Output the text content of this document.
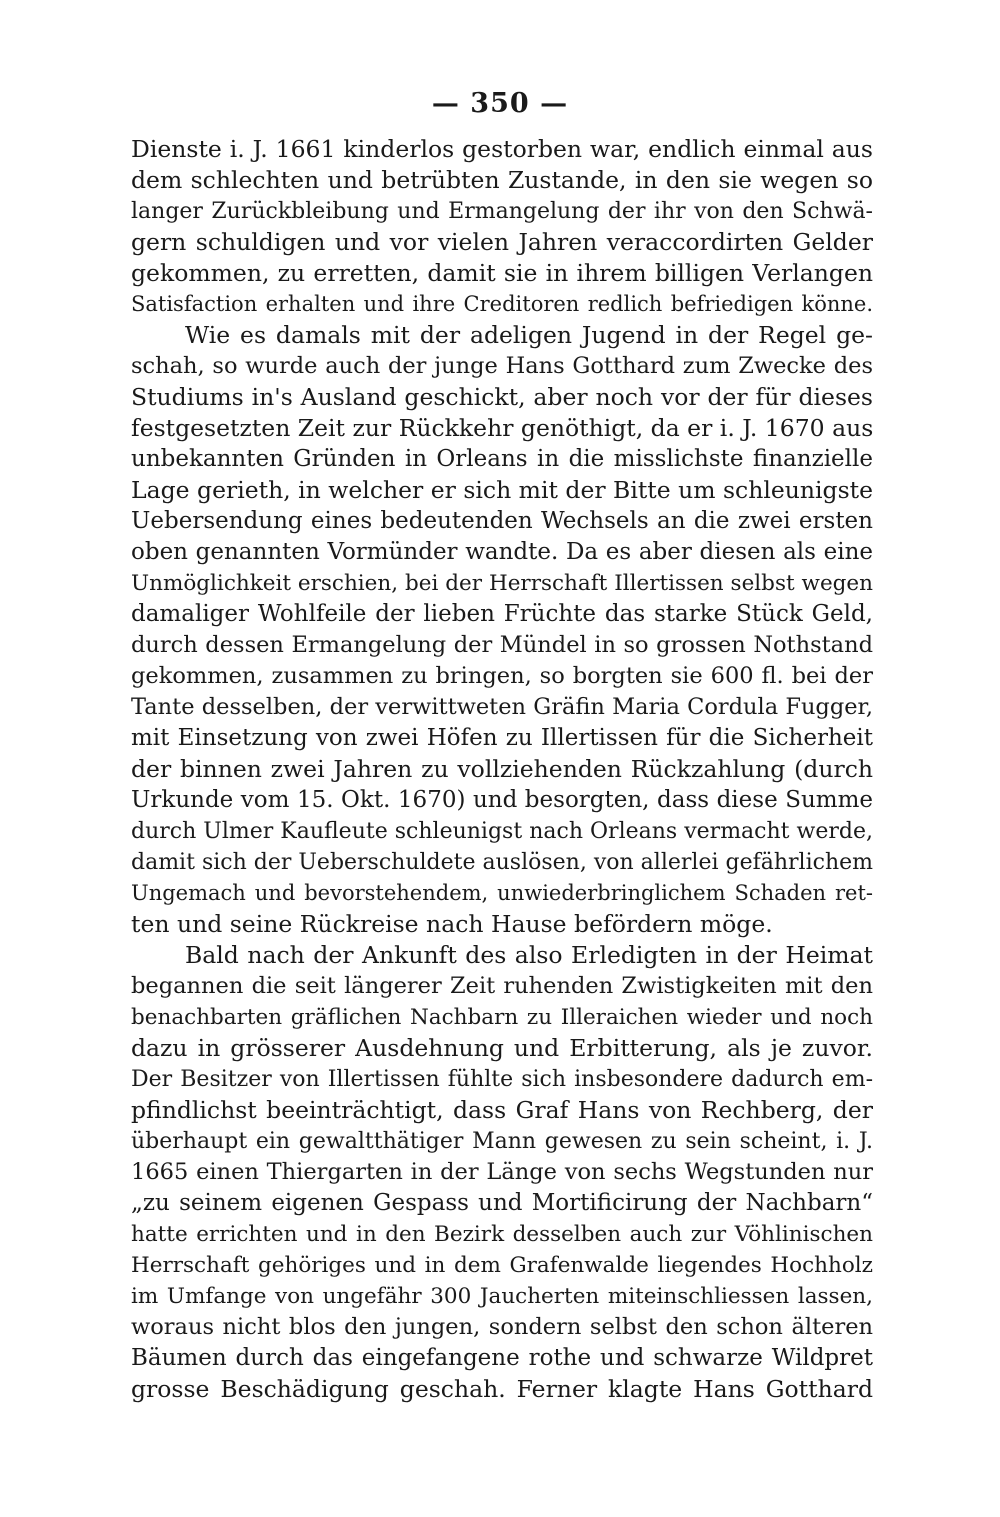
— 350 —
Dienste i. J. 1661 kinderlos gestorben war, endlich einmal aus
dem schlechten und betrübten Zustande, in den sie wegen so
langer Zurückbleibung und Ermangelung der ihr von den Schwä-
gern schuldigen und vor vielen Jahren veraccordirten Gelder
gekommen, zu erretten, damit sie in ihrem billigen Verlangen
Satisfaction erhalten und ihre Creditoren redlich befriedigen könne.
Wie es damals mit der adeligen Jugend in der Regel ge-
schah, so wurde auch der junge Hans Gotthard zum Zwecke des
Studiums in's Ausland geschickt, aber noch vor der für dieses
festgesetzten Zeit zur Rückkehr genöthigt, da er i. J. 1670 aus
unbekannten Gründen in Orleans in die misslichste finanzielle
Lage gerieth, in welcher er sich mit der Bitte um schleunigste
Uebersendung eines bedeutenden Wechsels an die zwei ersten
oben genannten Vormünder wandte. Da es aber diesen als eine
Unmöglichkeit erschien, bei der Herrschaft Illertissen selbst wegen
damaliger Wohlfeile der lieben Früchte das starke Stück Geld,
durch dessen Ermangelung der Mündel in so grossen Nothstand
gekommen, zusammen zu bringen, so borgten sie 600 fl. bei der
Tante desselben, der verwittweten Gräfin Maria Cordula Fugger,
mit Einsetzung von zwei Höfen zu Illertissen für die Sicherheit
der binnen zwei Jahren zu vollziehenden Rückzahlung (durch
Urkunde vom 15. Okt. 1670) und besorgten, dass diese Summe
durch Ulmer Kaufleute schleunigst nach Orleans vermacht werde,
damit sich der Ueberschuldete auslösen, von allerlei gefährlichem
Ungemach und bevorstehendem, unwiederbringlichem Schaden ret-
ten und seine Rückreise nach Hause befördern möge.
Bald nach der Ankunft des also Erledigten in der Heimat
begannen die seit längerer Zeit ruhenden Zwistigkeiten mit den
benachbarten gräflichen Nachbarn zu Illeraichen wieder und noch
dazu in grösserer Ausdehnung und Erbitterung, als je zuvor.
Der Besitzer von Illertissen fühlte sich insbesondere dadurch em-
pfindlichst beeinträchtigt, dass Graf Hans von Rechberg, der
überhaupt ein gewaltthätiger Mann gewesen zu sein scheint, i. J.
1665 einen Thiergarten in der Länge von sechs Wegstunden nur
„zu seinem eigenen Gespass und Mortificirung der Nachbarn“
hatte errichten und in den Bezirk desselben auch zur Vöhlinischen
Herrschaft gehöriges und in dem Grafenwalde liegendes Hochholz
im Umfange von ungefähr 300 Jaucherten miteinschliessen lassen,
woraus nicht blos den jungen, sondern selbst den schon älteren
Bäumen durch das eingefangene rothe und schwarze Wildpret
grosse Beschädigung geschah. Ferner klagte Hans Gotthard
